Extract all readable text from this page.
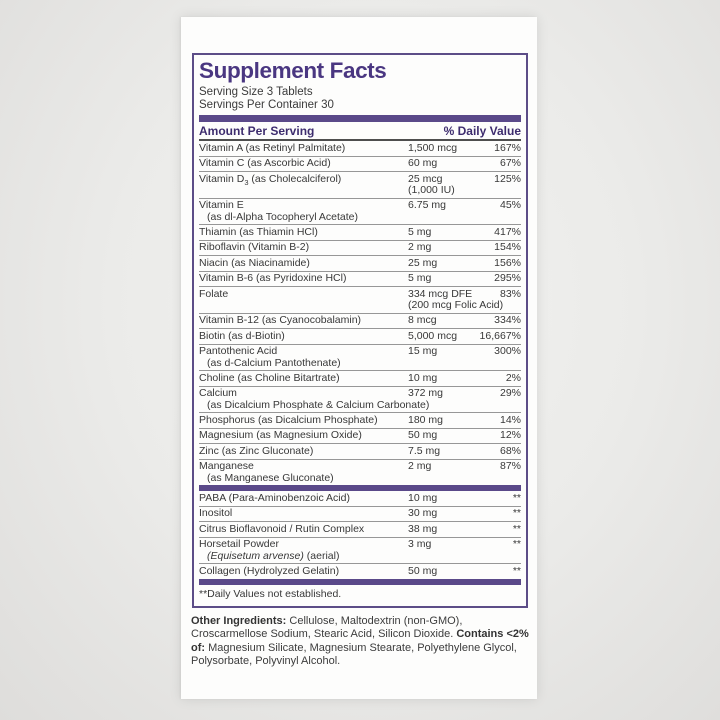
Supplement Facts
Serving Size 3 Tablets
Servings Per Container 30
Amount Per Serving	% Daily Value
Vitamin A (as Retinyl Palmitate)	1,500 mcg	167%
Vitamin C (as Ascorbic Acid)	60 mg	67%
Vitamin $D_3$ (as Cholecalciferol)	25 mcg	125%
(1,000 IU)
Vitamin E	6.75 mg	45%
(as dl-Alpha Tocopheryl Acetate)
Thiamin (as Thiamin HCl)	5 mg	417%
Riboflavin (Vitamin B-2)	2 mg	154%
Niacin (as Niacinamide)	25 mg	156%
Vitamin B-6 (as Pyridoxine HCl)	5 mg	295%
Folate	334 mcg DFE	83%
(200 mcg Folic Acid)
Vitamin B-12 (as Cyanocobalamin)	8 mcg	334%
Biotin (as d-Biotin)	5,000 mcg 16,667%
Pantothenic Acid	15 mg	300%
(as d-Calcium Pantothenate)
Choline (as Choline Bitartrate)	10 mg	2%
Calcium	372 mg	29%
(as Dicalcium Phosphate & Calcium Carbonate)
Phosphorus (as Dicalcium Phosphate)	180 mg	14%
Magnesium (as Magnesium Oxide)	50 mg	12%
Zinc (as Zinc Gluconate)	7.5 mg	68%
Manganese	2 mg	87%
(as Manganese Gluconate)
PABA (Para-Aminobenzoic Acid)	10 mg	**
Inositol	30 mg	**
Citrus Bioflavonoid / Rutin Complex	38 mg	**
Horsetail Powder	3 mg	**
(Equisetum arvense) (aerial)
Collagen (Hydrolyzed Gelatin)	50 mg	**
**Daily Values not established.
Other Ingredients: Cellulose, Maltodextrin (non-GMO), Croscarmellose Sodium, Stearic Acid, Silicon Dioxide. Contains <2% of: Magnesium Silicate, Magnesium Stearate, Polyethylene Glycol, Polysorbate, Polyvinyl Alcohol.
